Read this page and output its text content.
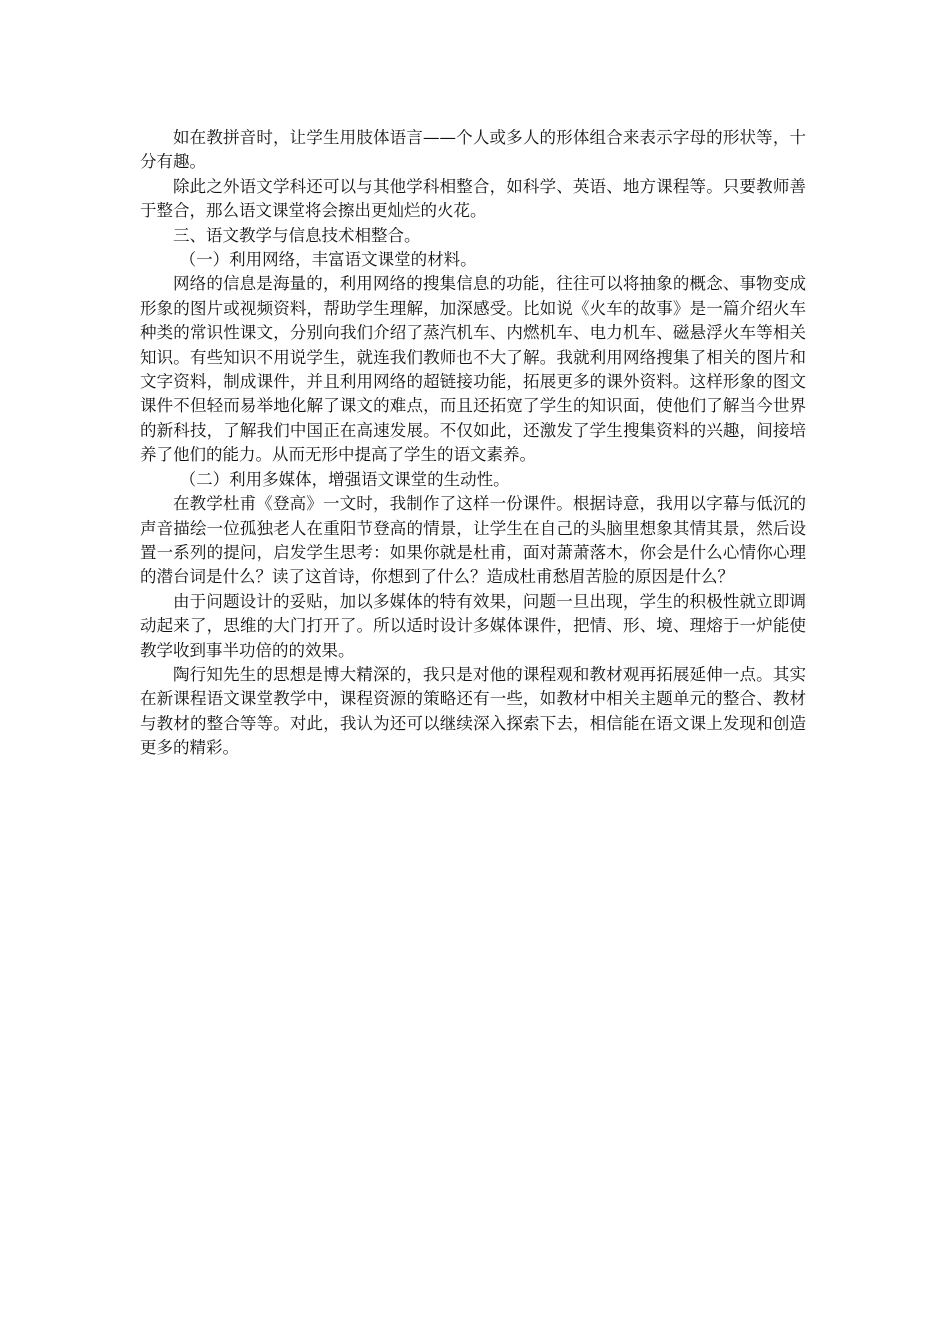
如在教拼音时，让学生用肢体语言——个人或多人的形体组合来表示字母的形状等，十分有趣。

除此之外语文学科还可以与其他学科相整合，如科学、英语、地方课程等。只要教师善于整合，那么语文课堂将会擦出更灿烂的火花。

三、语文教学与信息技术相整合。

（一）利用网络，丰富语文课堂的材料。

网络的信息是海量的，利用网络的搜集信息的功能，往往可以将抽象的概念、事物变成形象的图片或视频资料，帮助学生理解，加深感受。比如说《火车的故事》是一篇介绍火车种类的常识性课文，分别向我们介绍了蒸汽机车、内燃机车、电力机车、磁悬浮火车等相关知识。有些知识不用说学生，就连我们教师也不大了解。我就利用网络搜集了相关的图片和文字资料，制成课件，并且利用网络的超链接功能，拓展更多的课外资料。这样形象的图文课件不但轻而易举地化解了课文的难点，而且还拓宽了学生的知识面，使他们了解当今世界的新科技，了解我们中国正在高速发展。不仅如此，还激发了学生搜集资料的兴趣，间接培养了他们的能力。从而无形中提高了学生的语文素养。

（二）利用多媒体，增强语文课堂的生动性。

在教学杜甫《登高》一文时，我制作了这样一份课件。根据诗意，我用以字幕与低沉的声音描绘一位孤独老人在重阳节登高的情景，让学生在自己的头脑里想象其情其景，然后设置一系列的提问，启发学生思考：如果你就是杜甫，面对萧萧落木，你会是什么心情你心理的潜台词是什么？读了这首诗，你想到了什么？造成杜甫愁眉苦脸的原因是什么？

由于问题设计的妥贴，加以多媒体的特有效果，问题一旦出现，学生的积极性就立即调动起来了，思维的大门打开了。所以适时设计多媒体课件，把情、形、境、理熔于一炉能使教学收到事半功倍的的效果。

陶行知先生的思想是博大精深的，我只是对他的课程观和教材观再拓展延伸一点。其实在新课程语文课堂教学中，课程资源的策略还有一些，如教材中相关主题单元的整合、教材与教材的整合等等。对此，我认为还可以继续深入探索下去，相信能在语文课上发现和创造更多的精彩。
